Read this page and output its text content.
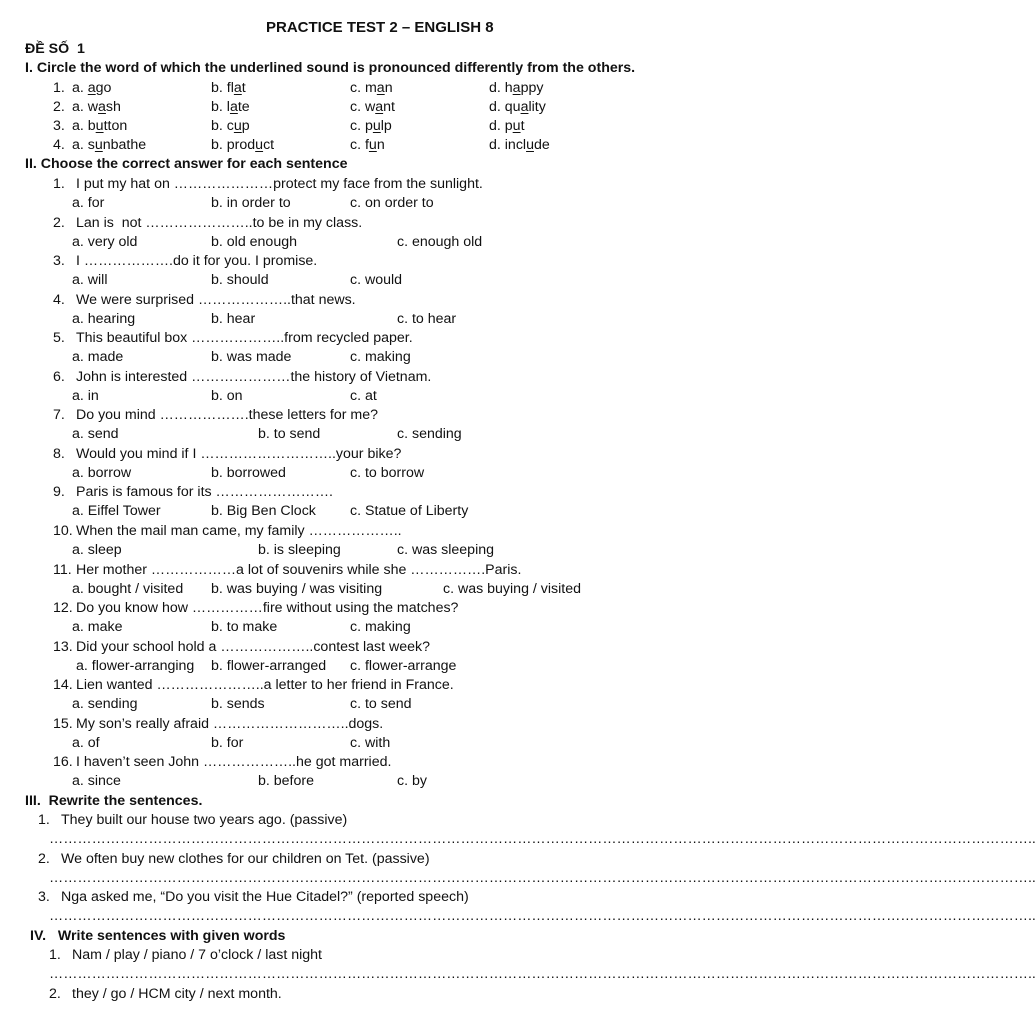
PRACTICE TEST 2 – ENGLISH 8
ĐỀ SỐ  1
I. Circle the word of which the underlined sound is pronounced differently from the others.
1. a. ago	b. flat	c. man	d. happy
2. a. wash	b. late	c. want	d. quality
3. a. button	b. cup	c. pulp	d. put
4. a. sunbathe	b. product	c. fun	d. include
II. Choose the correct answer for each sentence
1. I put my hat on …………………protect my face from the sunlight.
a. for	b. in order to	c. on order to
2. Lan is  not …………………..to be in my class.
a. very old	b. old enough	c. enough old
3. I ……………….do it for you. I promise.
a. will	b. should	c. would
4. We were surprised ………………..that news.
a. hearing	b. hear	c. to hear
5. This beautiful box ………………..from recycled paper.
a. made	b. was made	c. making
6. John is interested …………………the history of Vietnam.
a. in	b. on	c. at
7. Do you mind ……………….these letters for me?
a. send	b. to send	c. sending
8. Would you mind if I ………………………..your bike?
a. borrow	b. borrowed	c. to borrow
9. Paris is famous for its …………………….
a. Eiffel Tower	b. Big Ben Clock c. Statue of Liberty
10. When the mail man came, my family ………………..
a. sleep	b. is sleeping	c. was sleeping
11. Her mother ………………a lot of souvenirs while she …………….Paris.
a. bought / visited b. was buying / was visiting	c. was buying / visited
12. Do you know how ……………fire without using the matches?
a. make	b. to make	c. making
13. Did your school hold a ………………..contest last week?
a. flower-arranging b. flower-arranged c. flower-arrange
14. Lien wanted …………………..a letter to her friend in France.
a. sending	b. sends	c. to send
15. My son’s really afraid ………………………..dogs.
a. of	b. for	c. with
16. I haven’t seen John ………………..he got married.
a. since	b. before	c. by
III.  Rewrite the sentences.
1. They built our house two years ago. (passive)
………………………………………………………………………………………………………………………………………………………………………………………..
2. We often buy new clothes for our children on Tet. (passive)
………………………………………………………………………………………………………………………………………………………………………………………..
3. Nga asked me, “Do you visit the Hue Citadel?” (reported speech)
………………………………………………………………………………………………………………………………………………………………………………………..
IV.   Write sentences with given words
1. Nam / play / piano / 7 o’clock / last night
………………………………………………………………………………………………………………………………………………………………………………………..
2. they / go / HCM city / next month.
